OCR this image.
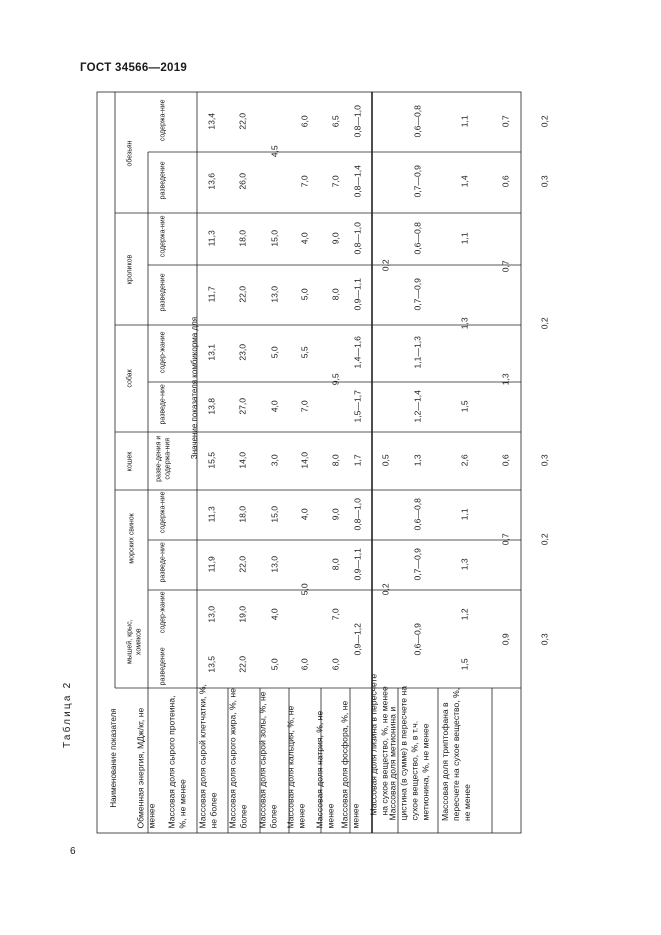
ГОСТ 34566—2019
Таблица 2
6
Наименование показателя
Значение показателя комбикорма для
мышей, крыс, хомяков
морских свинок
кошек
собак
кроликов
обезьян
разведение
содер-жание
разведе-ние
содержа-ние
разве-дения и содержа-ния
разведе-ние
содер-жание
разведение
содержа-ние
разведение
содержа-ние
Обменная энергия, МДж/кг, не менее Массовая доля сырого протеина, %, не менее Массовая доля сырой клетчатки, %, не более Массовая доля сырого жира, %, не более Массовая доля сырой золы, %, не более Массовая доля кальция, %, не менее Массовая доля натрия, %, не менее Массовая доля фосфора, %, не менее
Массовая доля лизина в пересчете на сухое вещество, %, не менее
Массовая доля метионина и цистина (в сумме) в пересчете на сухое вещество, %, в т.ч. метионина, %, не менее Массовая доля триптофана в пересчете на сухое вещество, %, не менее
13,5
13,0
11,9
11,3
15,5
13,8
13,1
11,7
11,3
13,6
13,4
22,0
19,0
22,0
18,0
14,0
27,0
23,0
22,0
18,0
26,0
22,0
5,0
4,0
13,0
15,0
3,0
4,0
5,0
13,0
15,0
4,5
6,0
5,0
4,0
14,0
7,0
5,5
5,0
4,0
7,0
6,0
6,0
7,0
8,0
9,0
8,0
9,5
8,0
9,0
7,0
6,5
0,9—1,2
0,9—1,1
0,8—1,0
1,7
1,5—1,7
1,4—1,6
0,9—1,1
0,8—1,0
0,8—1,4
0,8—1,0
0,2
0,5
0,2
0,6—0,9
0,7—0,9
0,6—0,8
1,3
1,2—1,4
1,1—1,3
0,7—0,9
0,6—0,8
0,7—0,9
0,6—0,8
1,5
1,2
1,3
1,1
2,6
1,5
1,3
1,1
1,4
1,1
0,9
0,7
0,6
1,3
0,7
0,6
0,7
0,3
0,2
0,3
0,2
0,3
0,2
